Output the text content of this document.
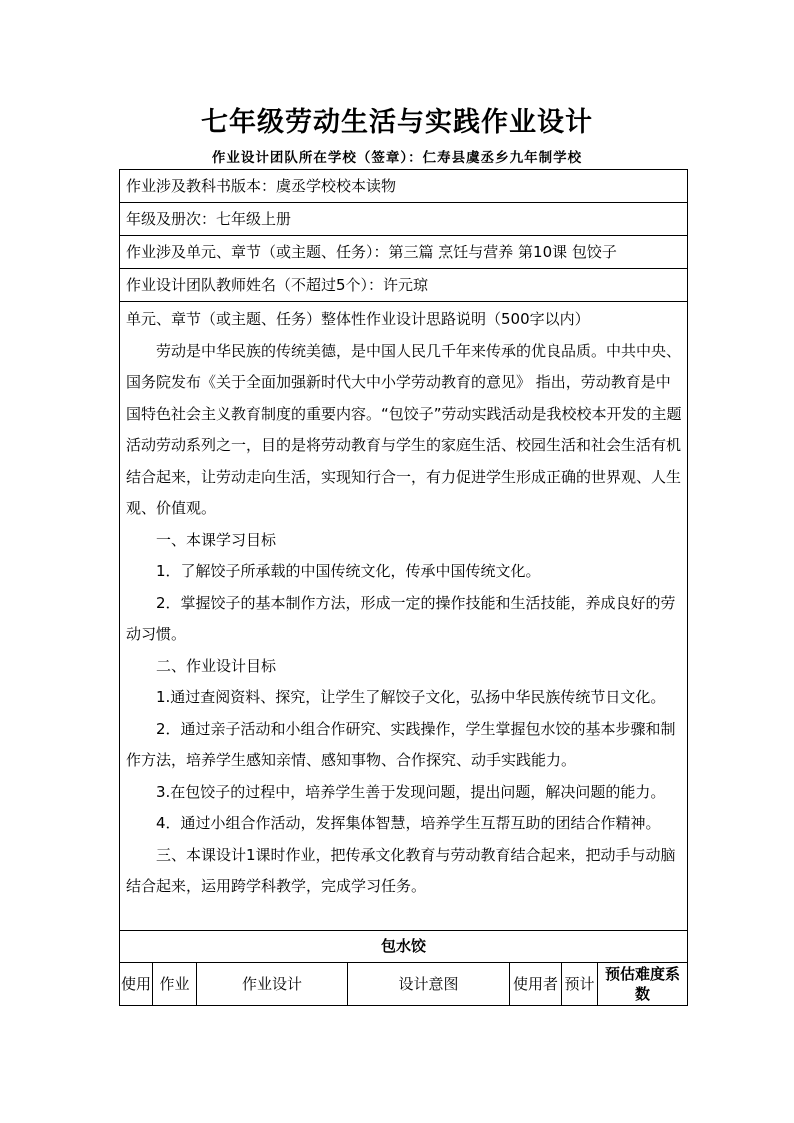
七年级劳动生活与实践作业设计
作业设计团队所在学校（签章）：仁寿县虞丞乡九年制学校
作业涉及教科书版本：虞丞学校校本读物
年级及册次：七年级上册
作业涉及单元、章节（或主题、任务）：第三篇 烹饪与营养 第10课 包饺子
作业设计团队教师姓名（不超过5个）：许元琼

单元、章节（或主题、任务）整体性作业设计思路说明（500字以内）

劳动是中华民族的传统美德，是中国人民几千年来传承的优良品质。中共中央、国务院发布《关于全面加强新时代大中小学劳动教育的意见》 指出，劳动教育是中国特色社会主义教育制度的重要内容。“包饺子”劳动实践活动是我校校本开发的主题活动劳动系列之一，目的是将劳动教育与学生的家庭生活、校园生活和社会生活有机结合起来，让劳动走向生活，实现知行合一，有力促进学生形成正确的世界观、人生观、价值观。

一、本课学习目标

1．了解饺子所承载的中国传统文化，传承中国传统文化。

2．掌握饺子的基本制作方法，形成一定的操作技能和生活技能，养成良好的劳动习惯。

二、作业设计目标

1.通过查阅资料、探究，让学生了解饺子文化，弘扬中华民族传统节日文化。

2．通过亲子活动和小组合作研究、实践操作，学生掌握包水饺的基本步骤和制作方法，培养学生感知亲情、感知事物、合作探究、动手实践能力。

3.在包饺子的过程中，培养学生善于发现问题，提出问题，解决问题的能力。

4．通过小组合作活动，发挥集体智慧，培养学生互帮互助的团结合作精神。

三、本课设计1课时作业，把传承文化教育与劳动教育结合起来，把动手与动脑结合起来，运用跨学科教学，完成学习任务。

包水饺
使用	作业	作业设计	设计意图	使用者	预计	预估难度系数
